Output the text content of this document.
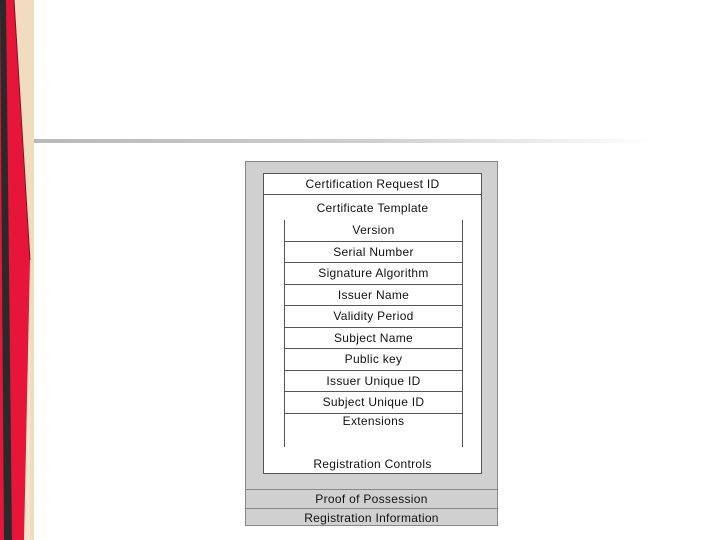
Certification Request ID
Certificate Template
Version
Serial Number
Signature Algorithm
Issuer Name
Validity Period
Subject Name
Public key
Issuer Unique ID
Subject Unique ID
Extensions
Registration Controls
Proof of Possession
Registration Information
